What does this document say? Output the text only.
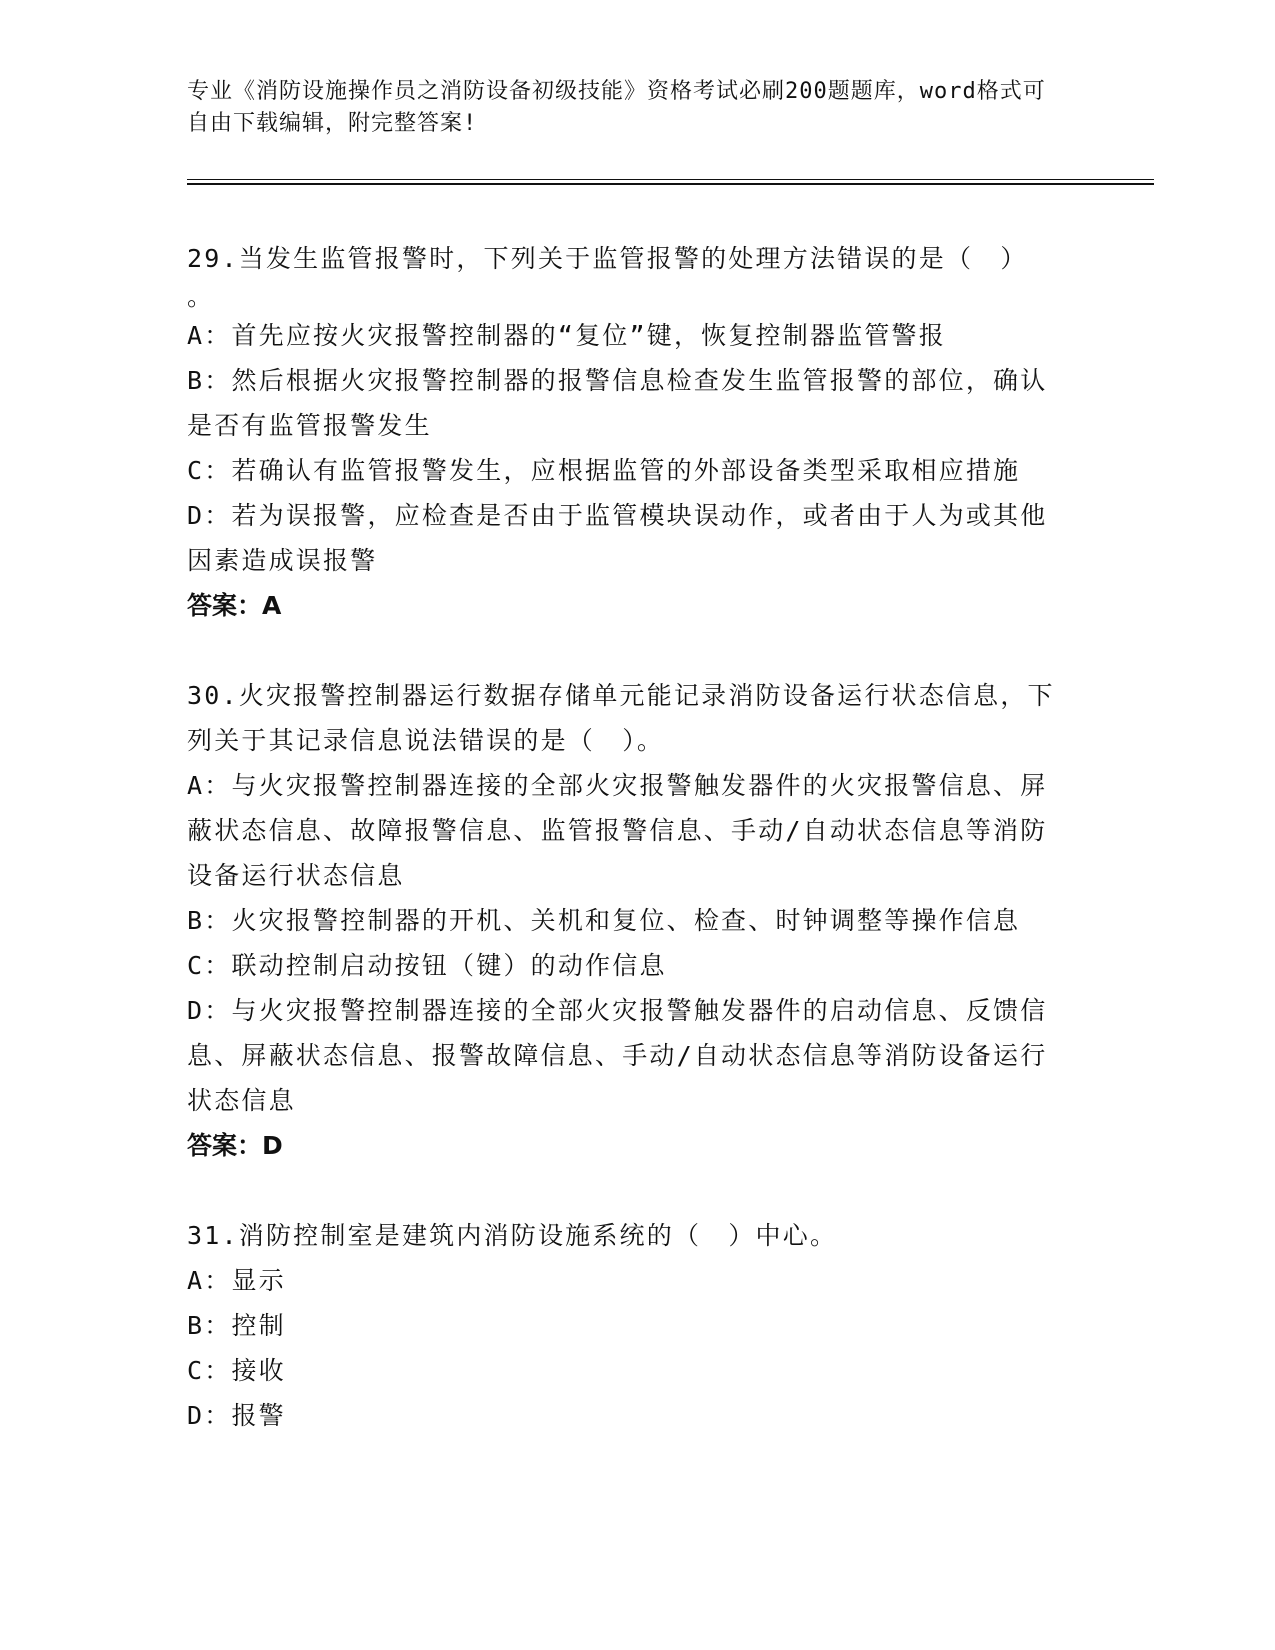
专业《消防设施操作员之消防设备初级技能》资格考试必刷200题题库，word格式可自由下载编辑，附完整答案!
29.当发生监管报警时，下列关于监管报警的处理方法错误的是（　）
。
A：首先应按火灾报警控制器的“复位”键，恢复控制器监管警报
B：然后根据火灾报警控制器的报警信息检查发生监管报警的部位，确认是否有监管报警发生
C：若确认有监管报警发生，应根据监管的外部设备类型采取相应措施
D：若为误报警，应检查是否由于监管模块误动作，或者由于人为或其他因素造成误报警
答案：A
30.火灾报警控制器运行数据存储单元能记录消防设备运行状态信息，下列关于其记录信息说法错误的是（　）。
A：与火灾报警控制器连接的全部火灾报警触发器件的火灾报警信息、屏蔽状态信息、故障报警信息、监管报警信息、手动/自动状态信息等消防设备运行状态信息
B：火灾报警控制器的开机、关机和复位、检查、时钟调整等操作信息
C：联动控制启动按钮（键）的动作信息
D：与火灾报警控制器连接的全部火灾报警触发器件的启动信息、反馈信息、屏蔽状态信息、报警故障信息、手动/自动状态信息等消防设备运行状态信息
答案：D
31.消防控制室是建筑内消防设施系统的（　）中心。
A：显示
B：控制
C：接收
D：报警
